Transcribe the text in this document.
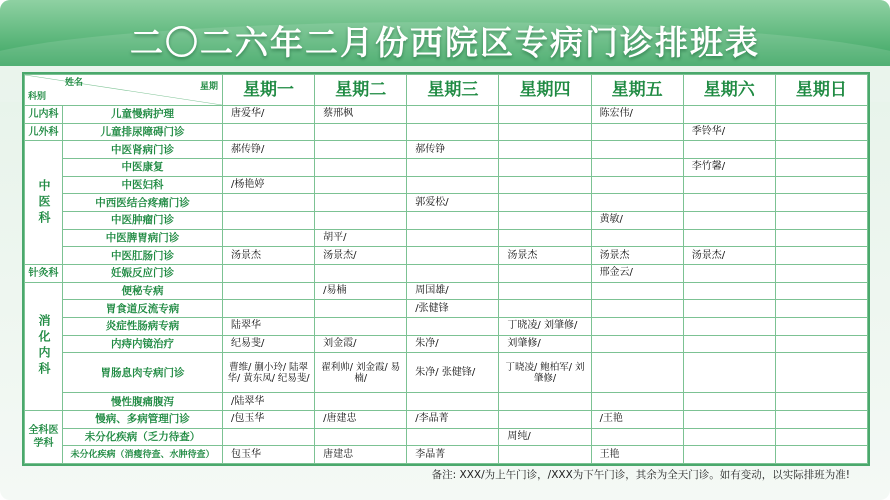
二〇二六年二月份西院区专病门诊排班表
姓名 星期
科别		星期一	星期二	星期三	星期四	星期五	星期六	星期日
儿内科	儿童慢病护理	唐爱华/	蔡邢枫			陈宏伟/		
儿外科	儿童排尿障碍门诊						季铃华/	
中医科	中医肾病门诊	郝传铮/		郝传铮				
	中医康复						李竹馨/	
	中医妇科	/杨艳婷						
	中西医结合疼痛门诊			郭爱松/				
	中医肿瘤门诊					黄敏/		
	中医脾胃病门诊		胡平/					
	中医肛肠门诊	汤景杰	汤景杰/		汤景杰	汤景杰	汤景杰/	
针灸科	妊娠反应门诊					邢金云/		
消化内科	便秘专病		/易楠	周国雄/				
	胃食道反流专病			/张健锋				
	炎症性肠病专病	陆翠华			丁晓凌/ 刘肇修/			
	内痔内镜治疗	纪易斐/	刘金霞/	朱净/	刘肇修/			
	胃肠息肉专病门诊	曹维/ 蒯小玲/ 陆翠华/ 黄东凤/ 纪易斐/	翟利帅/ 刘金霞/ 易楠/	朱净/ 张健锋/	丁晓凌/ 鲍柏军/ 刘肇修/			
	慢性腹痛腹泻	/陆翠华						
全科医学科	慢病、多病管理门诊	/包玉华	/唐建忠	/李晶菁		/王艳		
	未分化疾病（乏力待查）				周纯/			
	未分化疾病（消瘦待查、水肿待查）	包玉华	唐建忠	李晶菁		王艳		
备注: XXX/为上午门诊，/XXX为下午门诊，其余为全天门诊。如有变动，以实际排班为准!
